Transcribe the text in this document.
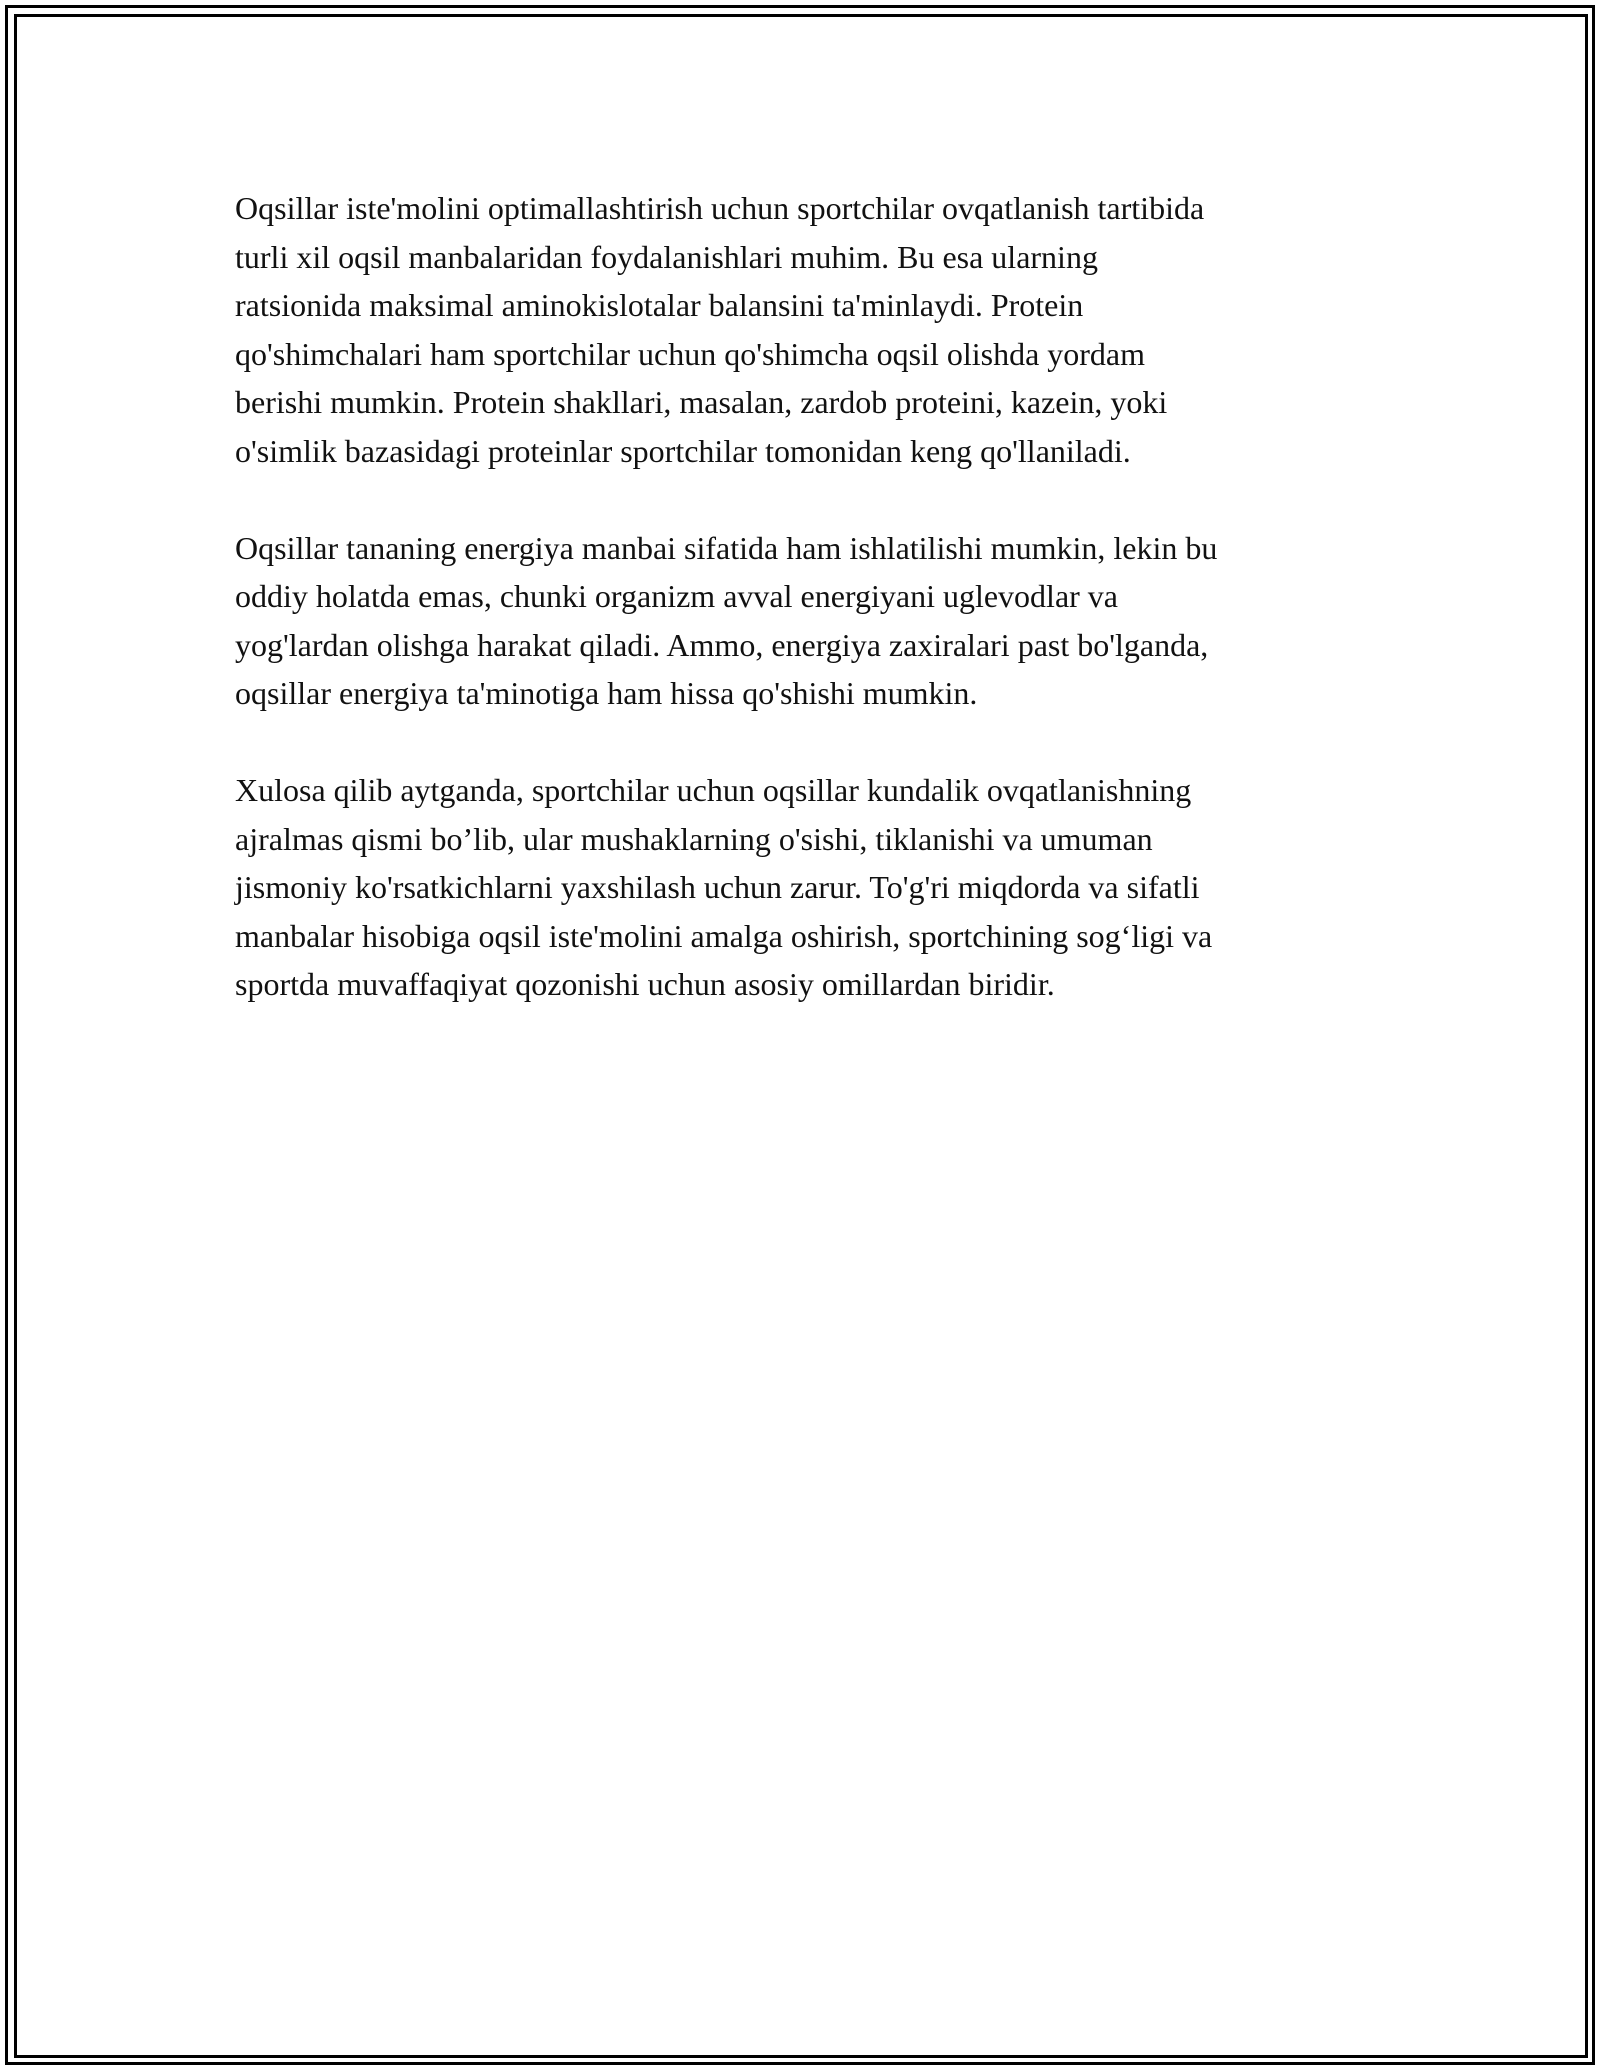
Oqsillar iste'molini optimallashtirish uchun sportchilar ovqatlanish tartibida
turli xil oqsil manbalaridan foydalanishlari muhim. Bu esa ularning
ratsionida maksimal aminokislotalar balansini ta'minlaydi. Protein
qo'shimchalari ham sportchilar uchun qo'shimcha oqsil olishda yordam
berishi mumkin. Protein shakllari, masalan, zardob proteini, kazein, yoki
o'simlik bazasidagi proteinlar sportchilar tomonidan keng qo'llaniladi.

Oqsillar tananing energiya manbai sifatida ham ishlatilishi mumkin, lekin bu
oddiy holatda emas, chunki organizm avval energiyani uglevodlar va
yog'lardan olishga harakat qiladi. Ammo, energiya zaxiralari past bo'lganda,
oqsillar energiya ta'minotiga ham hissa qo'shishi mumkin.

Xulosa qilib aytganda, sportchilar uchun oqsillar kundalik ovqatlanishning
ajralmas qismi bo’lib, ular mushaklarning o'sishi, tiklanishi va umuman
jismoniy ko'rsatkichlarni yaxshilash uchun zarur. To'g'ri miqdorda va sifatli
manbalar hisobiga oqsil iste'molini amalga oshirish, sportchining sog‘ligi va
sportda muvaffaqiyat qozonishi uchun asosiy omillardan biridir.
